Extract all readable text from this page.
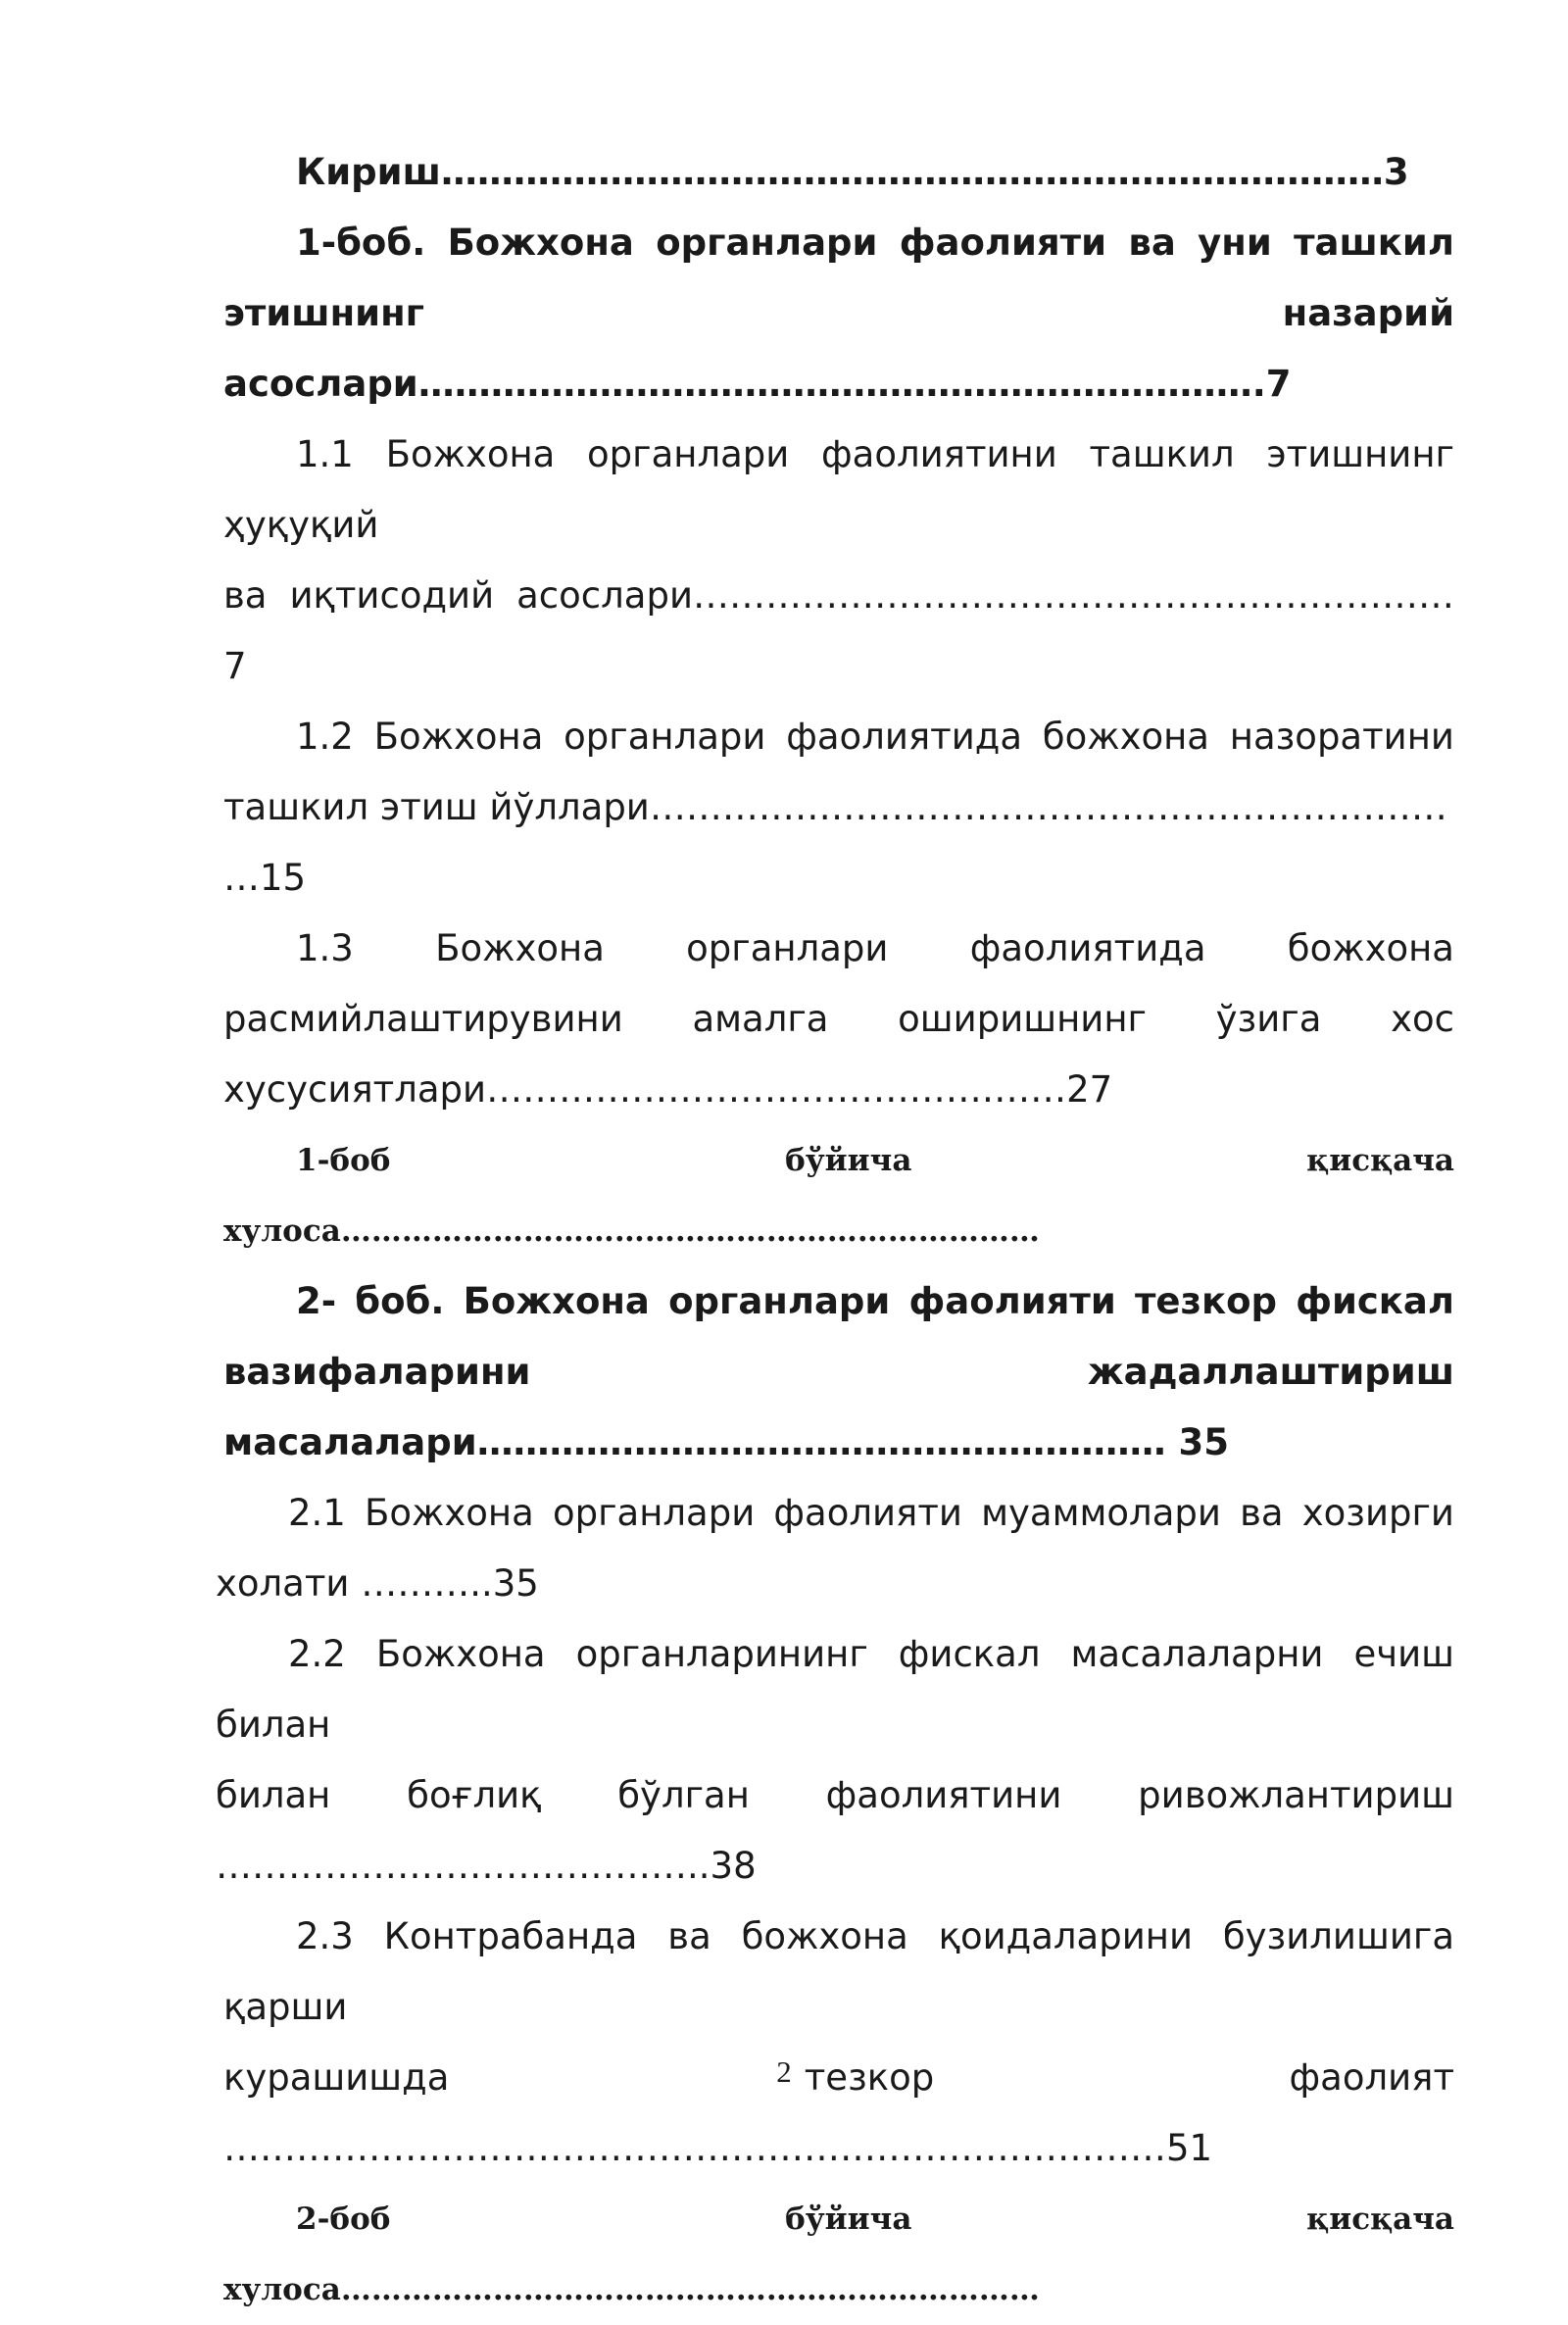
Кириш……………………………………………………………………3

1-боб. Божхона органлари фаолияти ва уни ташкил
этишнинг	назарий

асослари…………………………………………………………….7

1.1 Божхона органлари фаолиятини ташкил этишнинг ҳуқуқий

ва иқтисодий асослари………………………………………………………7

1.2 Божхона органлари фаолиятида божхона назоратини

ташкил этиш йўллари…………………………………………………………

…15

1.3 Божхона органлари фаолиятида божхона
расмийлаштирувини амалга оширишнинг ўзига хос

хусусиятлари…………………………………………27

1-боб бўйича қисқача хулоса……………………………………………………………

2- боб. Божхона органлари фаолияти тезкор фискал
вазифаларини	жадаллаштириш

масалалари………………………………………………… 35

2.1 Божхона органлари фаолияти муаммолари ва хозирги

холати ………..35

2.2 Божхона органларининг фискал масалаларни ечиш билан

билан боғлиқ бўлган фаолиятини ривожлантириш

…………………………………..38

2.3 Контрабанда ва божхона қоидаларини бузилишига қарши

курашишда	тезкор	фаолият

……………………………………………………………………51

2-боб бўйича қисқача хулоса……………………………………………………………

2
